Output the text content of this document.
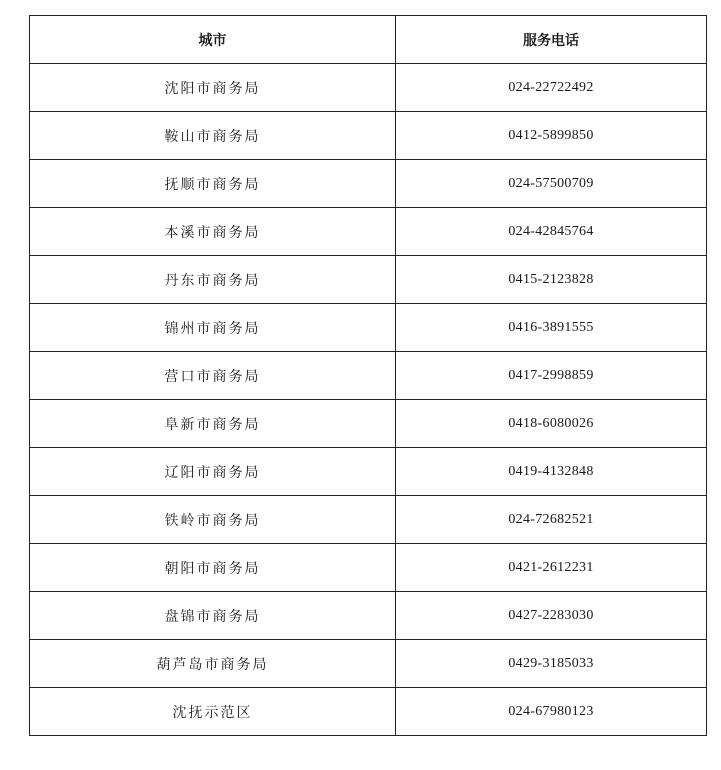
城市	服务电话
沈阳市商务局	024-22722492
鞍山市商务局	0412-5899850
抚顺市商务局	024-57500709
本溪市商务局	024-42845764
丹东市商务局	0415-2123828
锦州市商务局	0416-3891555
营口市商务局	0417-2998859
阜新市商务局	0418-6080026
辽阳市商务局	0419-4132848
铁岭市商务局	024-72682521
朝阳市商务局	0421-2612231
盘锦市商务局	0427-2283030
葫芦岛市商务局	0429-3185033
沈抚示范区	024-67980123
